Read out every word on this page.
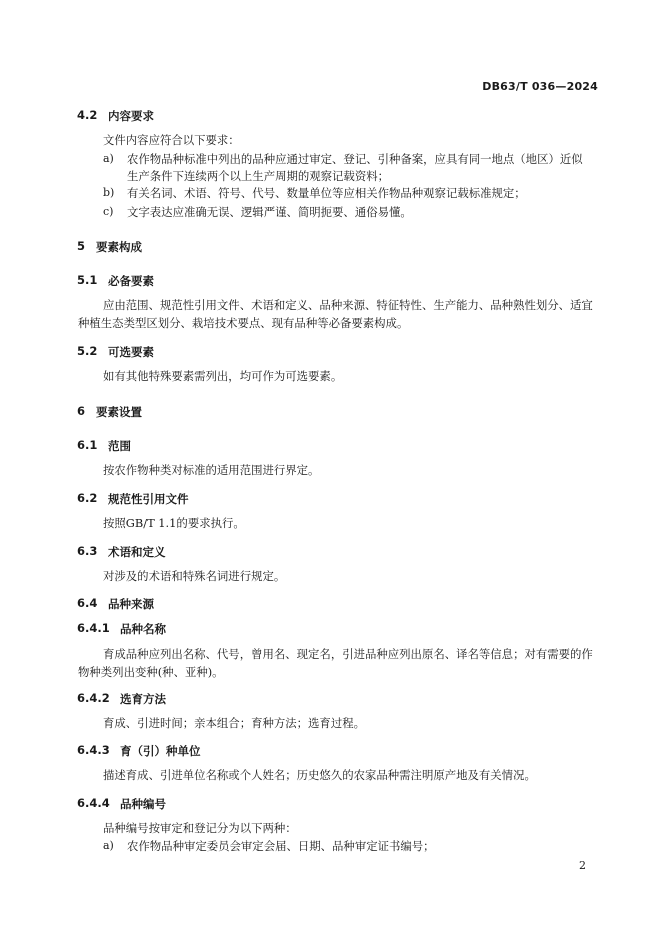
DB63/T 036—2024
4.2 内容要求
文件内容应符合以下要求：
a) 农作物品种标准中列出的品种应通过审定、登记、引种备案，应具有同一地点（地区）近似
生产条件下连续两个以上生产周期的观察记载资料；
b) 有关名词、术语、符号、代号、数量单位等应相关作物品种观察记载标准规定；
c) 文字表达应准确无误、逻辑严谨、简明扼要、通俗易懂。
5 要素构成
5.1 必备要素
应由范围、规范性引用文件、术语和定义、品种来源、特征特性、生产能力、品种熟性划分、适宜
种植生态类型区划分、栽培技术要点、现有品种等必备要素构成。
5.2 可选要素
如有其他特殊要素需列出，均可作为可选要素。
6 要素设置
6.1 范围
按农作物种类对标准的适用范围进行界定。
6.2 规范性引用文件
按照GB/T 1.1的要求执行。
6.3 术语和定义
对涉及的术语和特殊名词进行规定。
6.4 品种来源
6.4.1 品种名称
育成品种应列出名称、代号，曾用名、现定名，引进品种应列出原名、译名等信息；对有需要的作
物种类列出变种(种、亚种)。
6.4.2 选育方法
育成、引进时间；亲本组合；育种方法；选育过程。
6.4.3 育（引）种单位
描述育成、引进单位名称或个人姓名；历史悠久的农家品种需注明原产地及有关情况。
6.4.4 品种编号
品种编号按审定和登记分为以下两种：
a) 农作物品种审定委员会审定会届、日期、品种审定证书编号；
2
